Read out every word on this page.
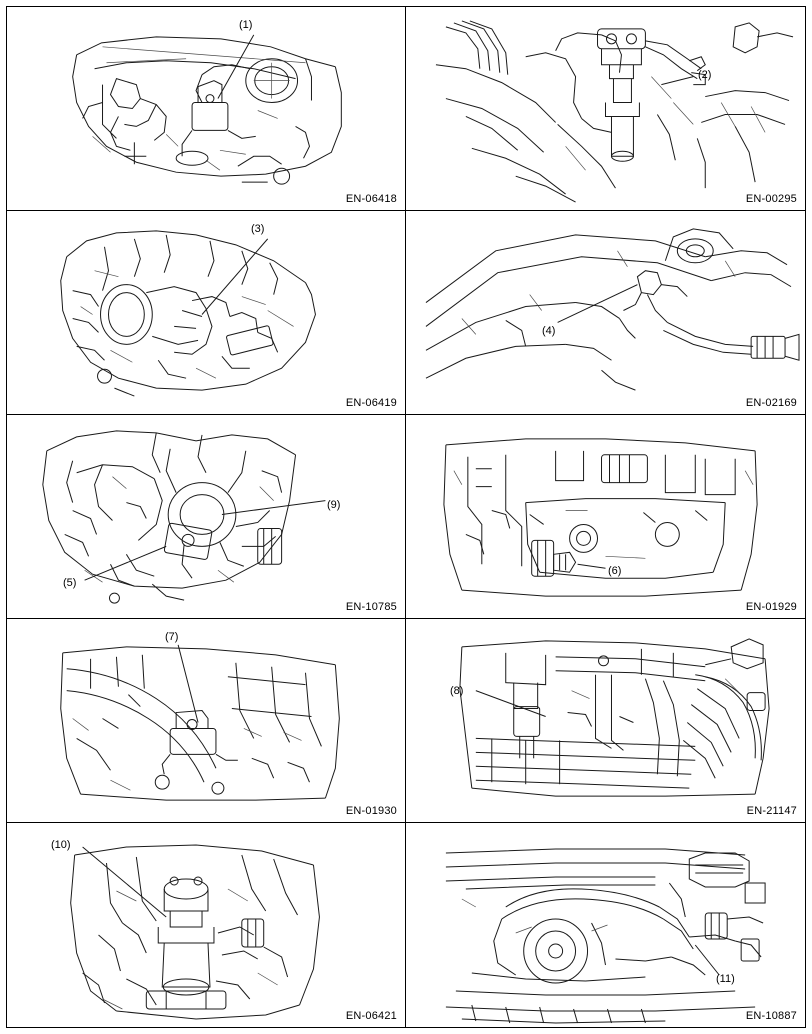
(1)
EN-06418
(2)
EN-00295
(3)
EN-06419
(4)
EN-02169
(9)
(5)
EN-10785
(6)
EN-01929
(7)
EN-01930
(8)
EN-21147
(10)
EN-06421
(11)
EN-10887
